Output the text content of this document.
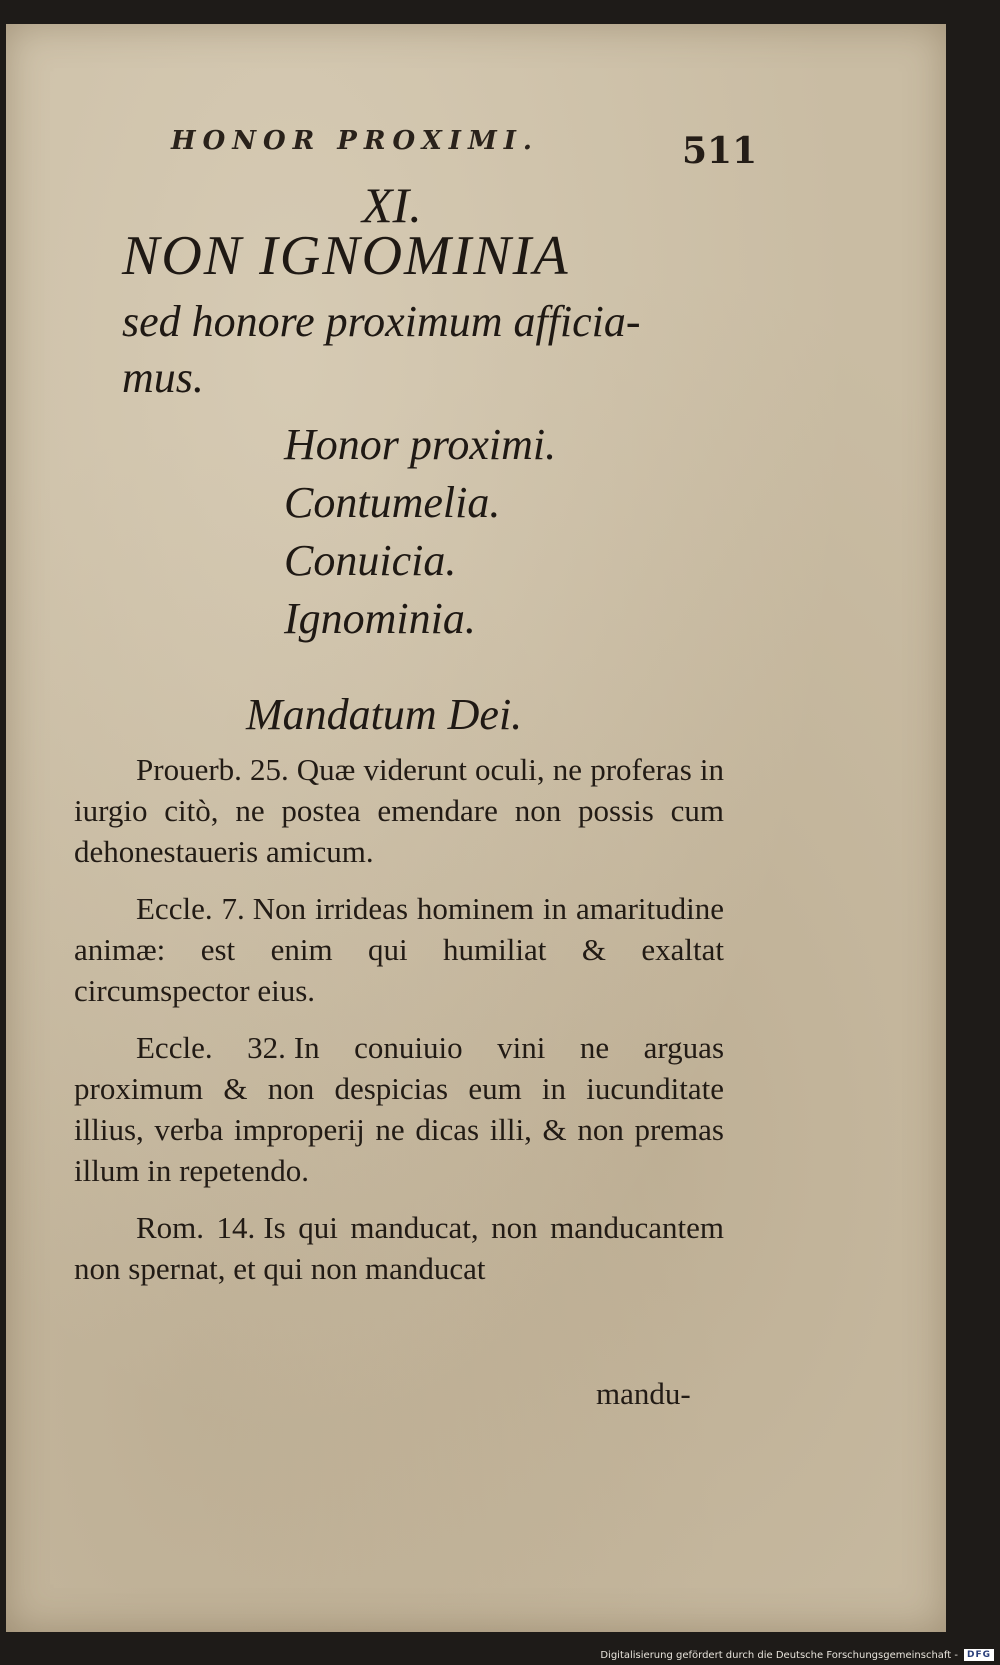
HONOR PROXIMI.	511
XI.
NON IGNOMINIA
sed honore proximum afficia-
mus.
Honor proximi.
Contumelia.
Conuicia.
Ignominia.
Mandatum Dei.

Prouerb. 25. Quæ viderunt oculi, ne proferas in iurgio citò, ne postea emendare non possis cum dehonestaueris amicum.

Eccle. 7. Non irrideas hominem in amaritudine animæ: est enim qui humiliat & exaltat circumspector eius.

Eccle. 32. In conuiuio vini ne arguas proximum & non despicias eum in iucunditate illius, verba improperij ne dicas illi, & non premas illum in repetendo.

Rom. 14. Is qui manducat, non manducantem non spernat, et qui non manducat

mandu-
Digitalisierung gefördert durch die Deutsche Forschungsgemeinschaft -	DFG
